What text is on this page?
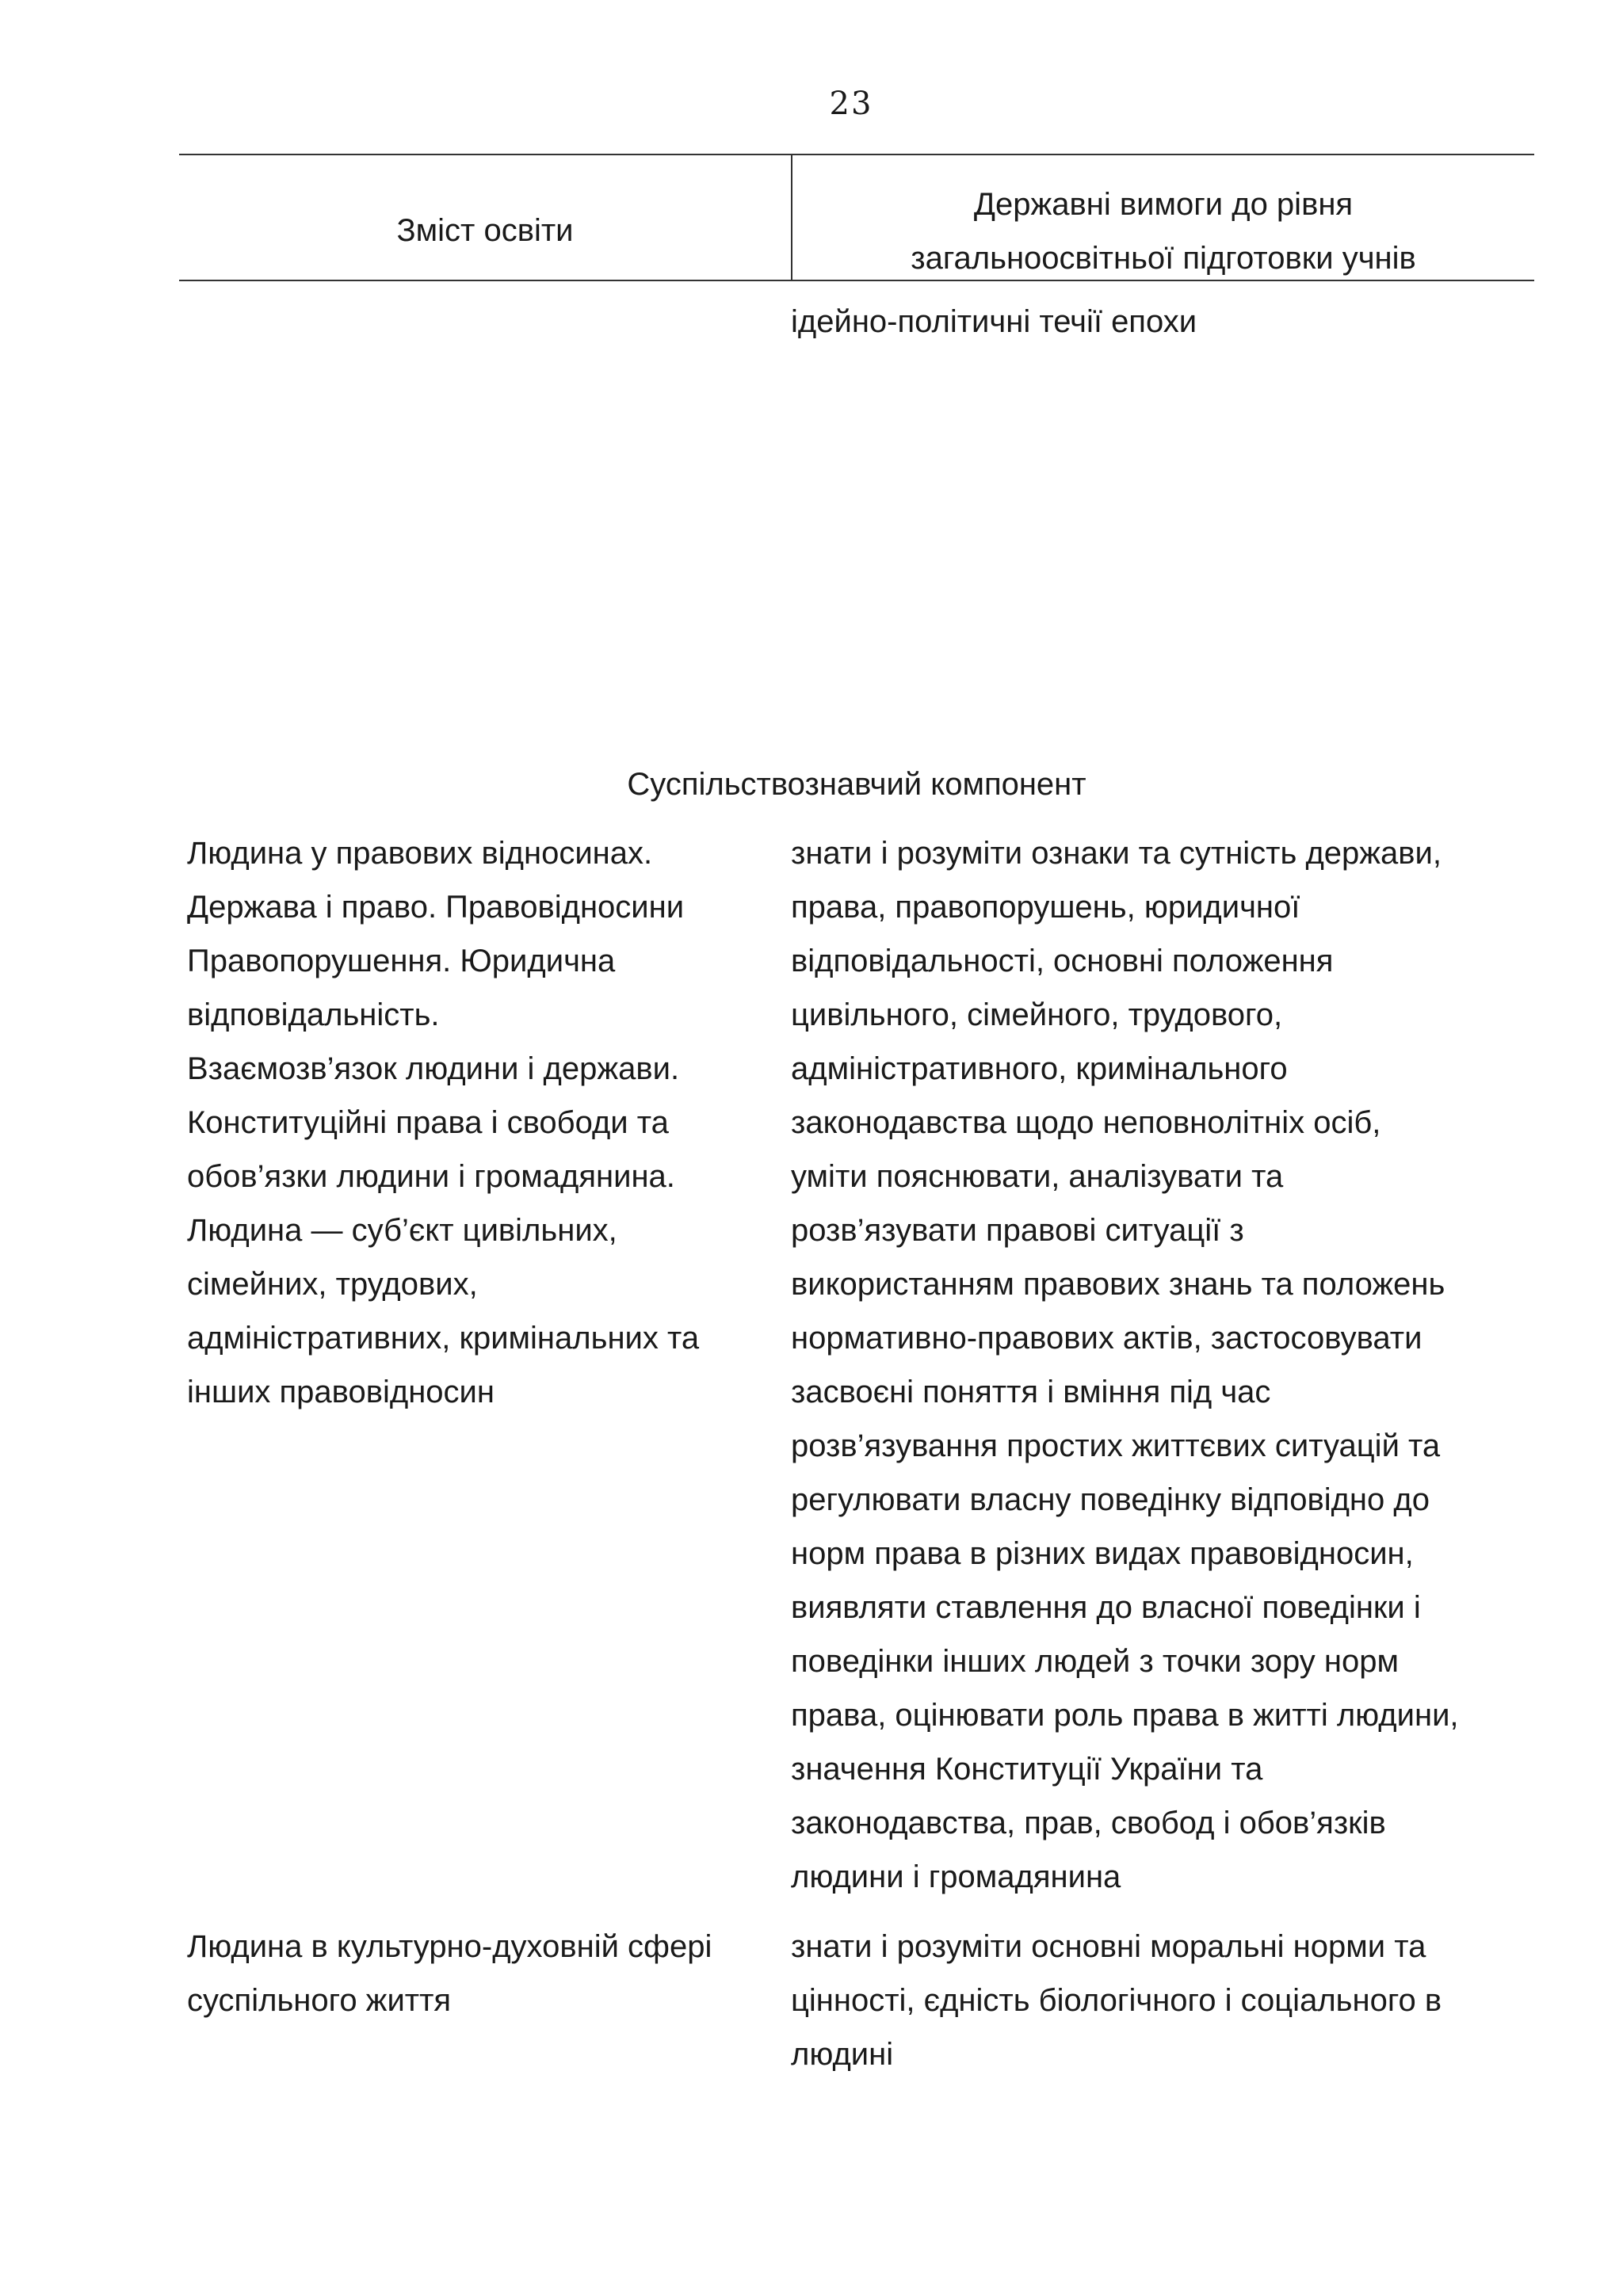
23
Зміст освіти
Державні вимоги до рівня
загальноосвітньої підготовки учнів
ідейно-політичні течії епохи
Суспільствознавчий компонент
Людина у правових відносинах.
Держава і право. Правовідносини
Правопорушення. Юридична
відповідальність.
Взаємозв’язок людини і держави.
Конституційні права і свободи та
обов’язки людини і громадянина.
Людина — суб’єкт цивільних,
сімейних, трудових,
адміністративних, кримінальних та
інших правовідносин
знати і розуміти ознаки та сутність держави,
права, правопорушень, юридичної
відповідальності, основні положення
цивільного, сімейного, трудового,
адміністративного, кримінального
законодавства щодо неповнолітніх осіб,
уміти пояснювати, аналізувати та
розв’язувати правові ситуації з
використанням правових знань та положень
нормативно-правових актів, застосовувати
засвоєні поняття і вміння під час
розв’язування простих життєвих ситуацій та
регулювати власну поведінку відповідно до
норм права в різних видах правовідносин,
виявляти ставлення до власної поведінки і
поведінки інших людей з точки зору норм
права, оцінювати роль права в житті людини,
значення Конституції України та
законодавства, прав, свобод і обов’язків
людини і громадянина
Людина в культурно-духовній сфері
суспільного життя
знати і розуміти основні моральні норми та
цінності, єдність біологічного і соціального в
людині
